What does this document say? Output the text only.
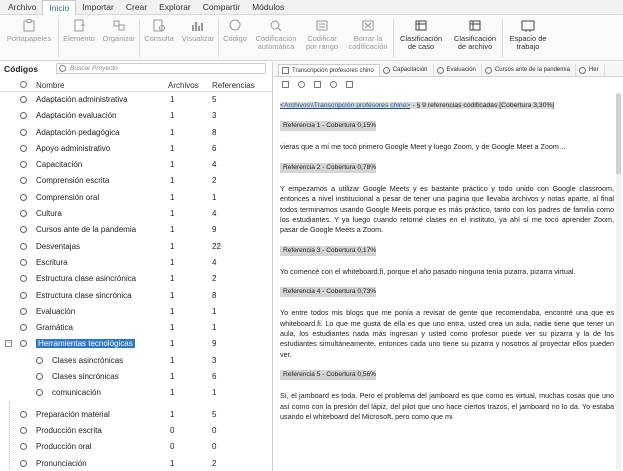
Archivo	Inicio	Importar	Crear	Explorar	Compartir	Módulos
Portapapeles Elemento Organizar Consulta Visualizar Código Codificación
automática
Codificar
por rango
Borrar la
codificación
Clasificación
de caso
Clasificación
de archivo
Espacio de
trabajo
Códigos	Buscar Proyecto
Nombre	Archivos Referencias
Adaptación administrativa	1	5
Adaptación evaluación	1	3
Adaptación pedagógica	1	8
Apoyo administrativo	1	6
Capacitación	1	4
Comprensión escrita	1	2
Comprensión oral	1	1
Cultura	1	4
Cursos ante de la pandemia	1	9
Desventajas	1	22
Escritura	1	4
Estructura clase asincrónica	1	2
Estructura clase sincrónica	1	8
Evaluación	1	1
Gramática	1	1
−	Herramientas tecnológicas	1	9
Clases asincrónicas	1	3
Clases sincrónicas	1	6
comunicación	1	1
Preparación material	1	5
Producción escrita	0	0
Producción oral	0	0
Pronunciación	1	2
Transcripción profesores chino	Capacitación	Evaluación	Cursos ante de la pandemia	Her
<Archivos\\Transcripción profesores chino> - § 9 referencias codificadas [Cobertura 3,30%]
Referencia 1 - Cobertura 0,15%
vieras que a mí me tocó primero Google Meet y luego Zoom, y de Google Meet a Zoom…
Referencia 2 - Cobertura 0,78%
Y empezamos a utilizar Google Meets y es bastante práctico y todo unido con Google classroom, entonces a nivel institucional a pesar de tener una pagina que llevaba archivos y notas aparte, al final todos terminamos usando Google Meets porque es más práctico, tanto con los padres de familia como los estudiantes. Y ya luego cuando retorné clases en el instituto, ya ahí sí me tocó aprender Zoom, pasar de Google Meets a Zoom.
Referencia 3 - Cobertura 0,17%
Yo comencé con el whiteboard.fi, porque el año pasado ninguna tenía pizarra, pizarra virtual.
Referencia 4 - Cobertura 0,73%
Yo entre todos mis blogs que me ponía a revisar de gente que recomendaba, encontré una que es whiteboard.fi. Lo que me gusta de ella es que uno entra, usted crea un aula, nadie tiene que tener un aula, los estudiantes nada más ingresan y usted como profesor puede ver su pizarra y la de los estudiantes simultáneamente, entonces cada uno tiene su pizarra y nosotros al proyectar ellos pueden ver.
Referencia 5 - Cobertura 0,56%
Sí, el jamboard es toda. Pero el problema del jamboard es que como es virtual, muchas cosas que uno así como con la presión del lápiz, del pilot que uno hace ciertos trazos, el jamboard no lo da. Yo estaba usando el whiteboard del Microsoft, pero como que mi
